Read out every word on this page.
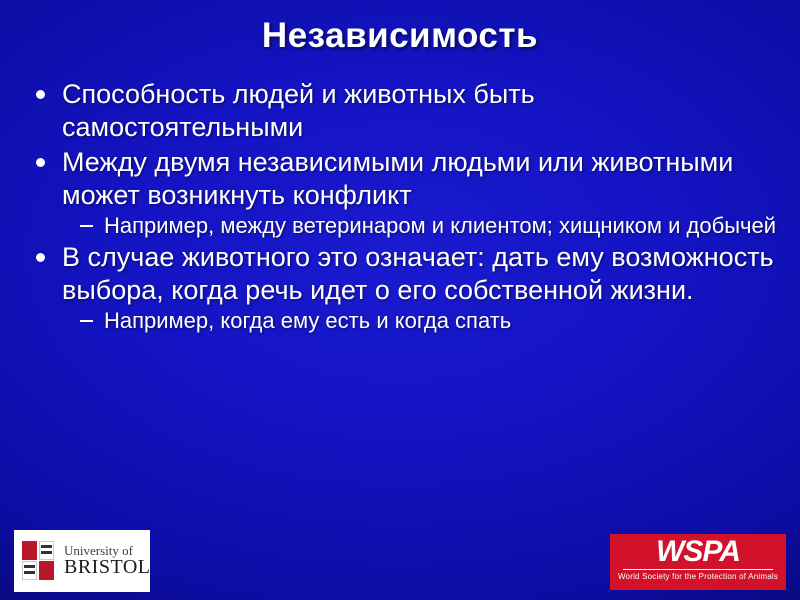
Независимость
Способность людей и животных быть самостоятельными
Между двумя независимыми людьми или животными может возникнуть конфликт
Например, между ветеринаром и клиентом; хищником и добычей
В случае животного это означает: дать ему возможность выбора, когда речь идет о его собственной жизни.
Например, когда ему есть и когда спать
University of
BRISTOL	WSPA
World Society for the Protection of Animals
